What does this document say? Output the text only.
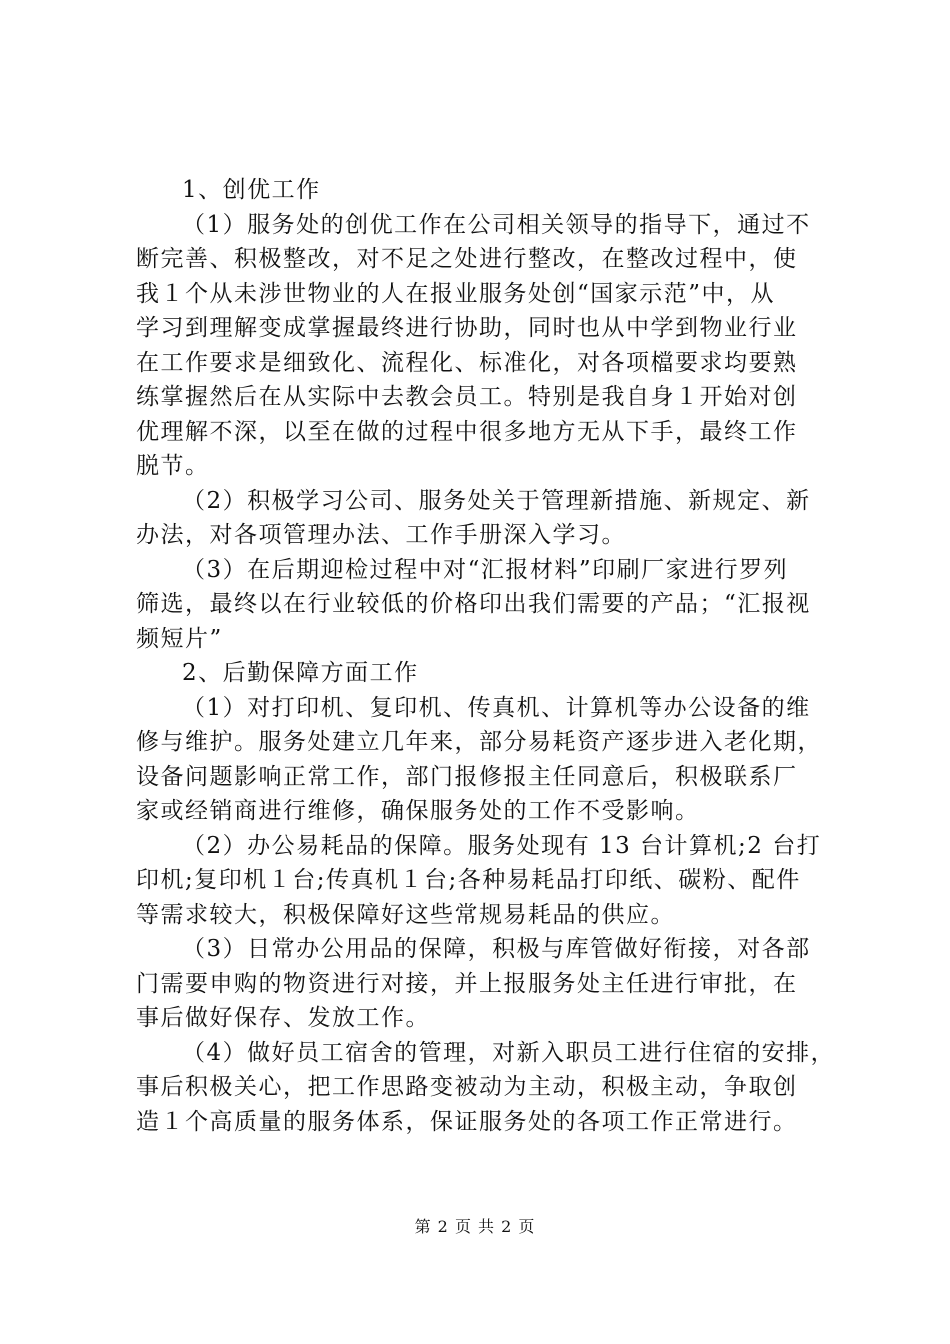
1、创优工作
（1）服务处的创优工作在公司相关领导的指导下，通过不
断完善、积极整改，对不足之处进行整改，在整改过程中，使
我１个从未涉世物业的人在报业服务处创“国家示范”中，从
学习到理解变成掌握最终进行协助，同时也从中学到物业行业
在工作要求是细致化、流程化、标准化，对各项檔要求均要熟
练掌握然后在从实际中去教会员工。特别是我自身１开始对创
优理解不深，以至在做的过程中很多地方无从下手，最终工作
脱节。
（2）积极学习公司、服务处关于管理新措施、新规定、新
办法，对各项管理办法、工作手册深入学习。
（3）在后期迎检过程中对“汇报材料”印刷厂家进行罗列
筛选，最终以在行业较低的价格印出我们需要的产品；“汇报视
频短片”
2、后勤保障方面工作
（1）对打印机、复印机、传真机、计算机等办公设备的维
修与维护。服务处建立几年来，部分易耗资产逐步进入老化期，
设备问题影响正常工作，部门报修报主任同意后，积极联系厂
家或经销商进行维修，确保服务处的工作不受影响。
（2）办公易耗品的保障。服务处现有 13 台计算机;2 台打
印机;复印机１台;传真机１台;各种易耗品打印纸、碳粉、配件
等需求较大，积极保障好这些常规易耗品的供应。
（3）日常办公用品的保障，积极与库管做好衔接，对各部
门需要申购的物资进行对接，并上报服务处主任进行审批，在
事后做好保存、发放工作。
（4）做好员工宿舍的管理，对新入职员工进行住宿的安排，
事后积极关心，把工作思路变被动为主动，积极主动，争取创
造１个高质量的服务体系，保证服务处的各项工作正常进行。
第 2 页 共 2 页
